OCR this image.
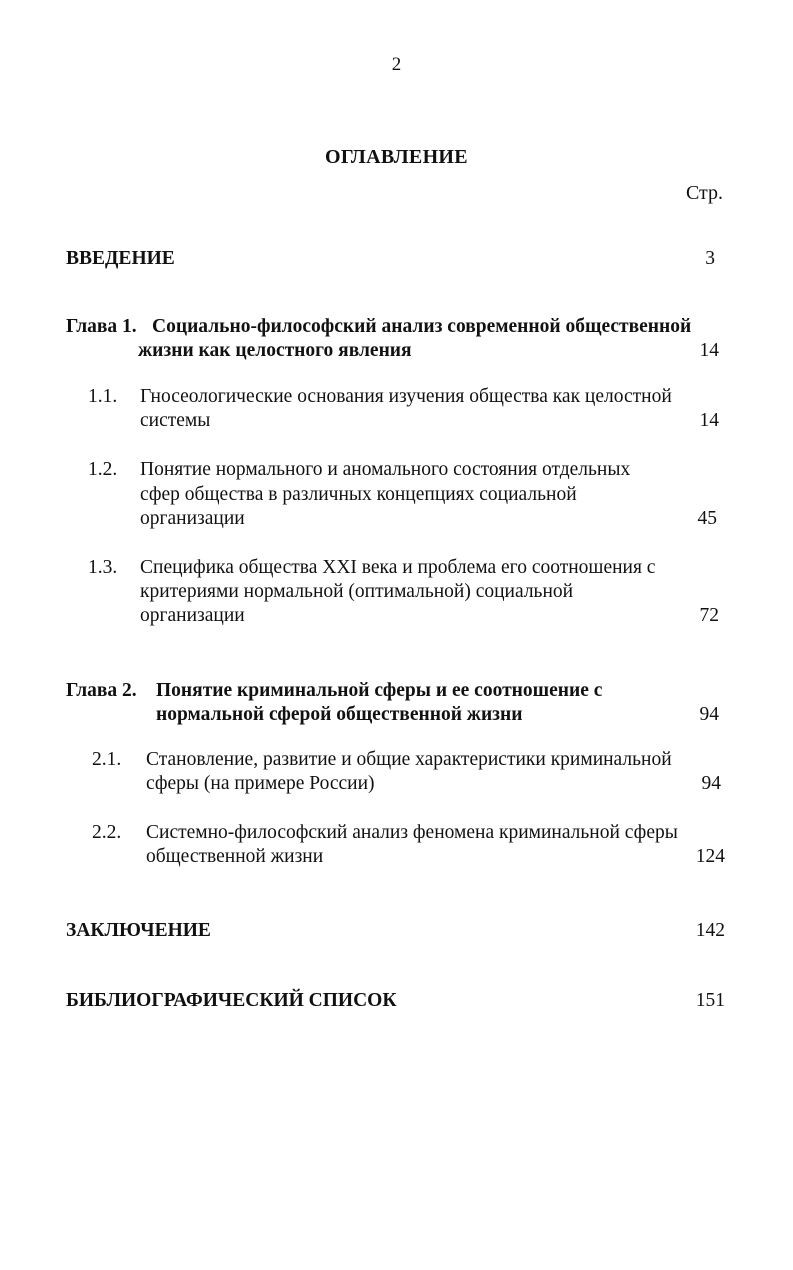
2
ОГЛАВЛЕНИЕ
Стр.
ВВЕДЕНИЕ	3
Глава 1. Социально-философский анализ современной общественной
жизни как целостного явления	14
1.1. Гносеологические основания изучения общества как целостной
системы	14
1.2. Понятие нормального и аномального состояния отдельных
сфер общества в различных концепциях социальной
организации	45
1.3. Специфика общества XXI века и проблема его соотношения с
критериями нормальной (оптимальной) социальной
организации	72
Глава 2. Понятие криминальной сферы и ее соотношение с
нормальной сферой общественной жизни	94
2.1. Становление, развитие и общие характеристики криминальной
сферы (на примере России)	94
2.2. Системно-философский анализ феномена криминальной сферы
общественной жизни	124
ЗАКЛЮЧЕНИЕ	142
БИБЛИОГРАФИЧЕСКИЙ СПИСОК	151
